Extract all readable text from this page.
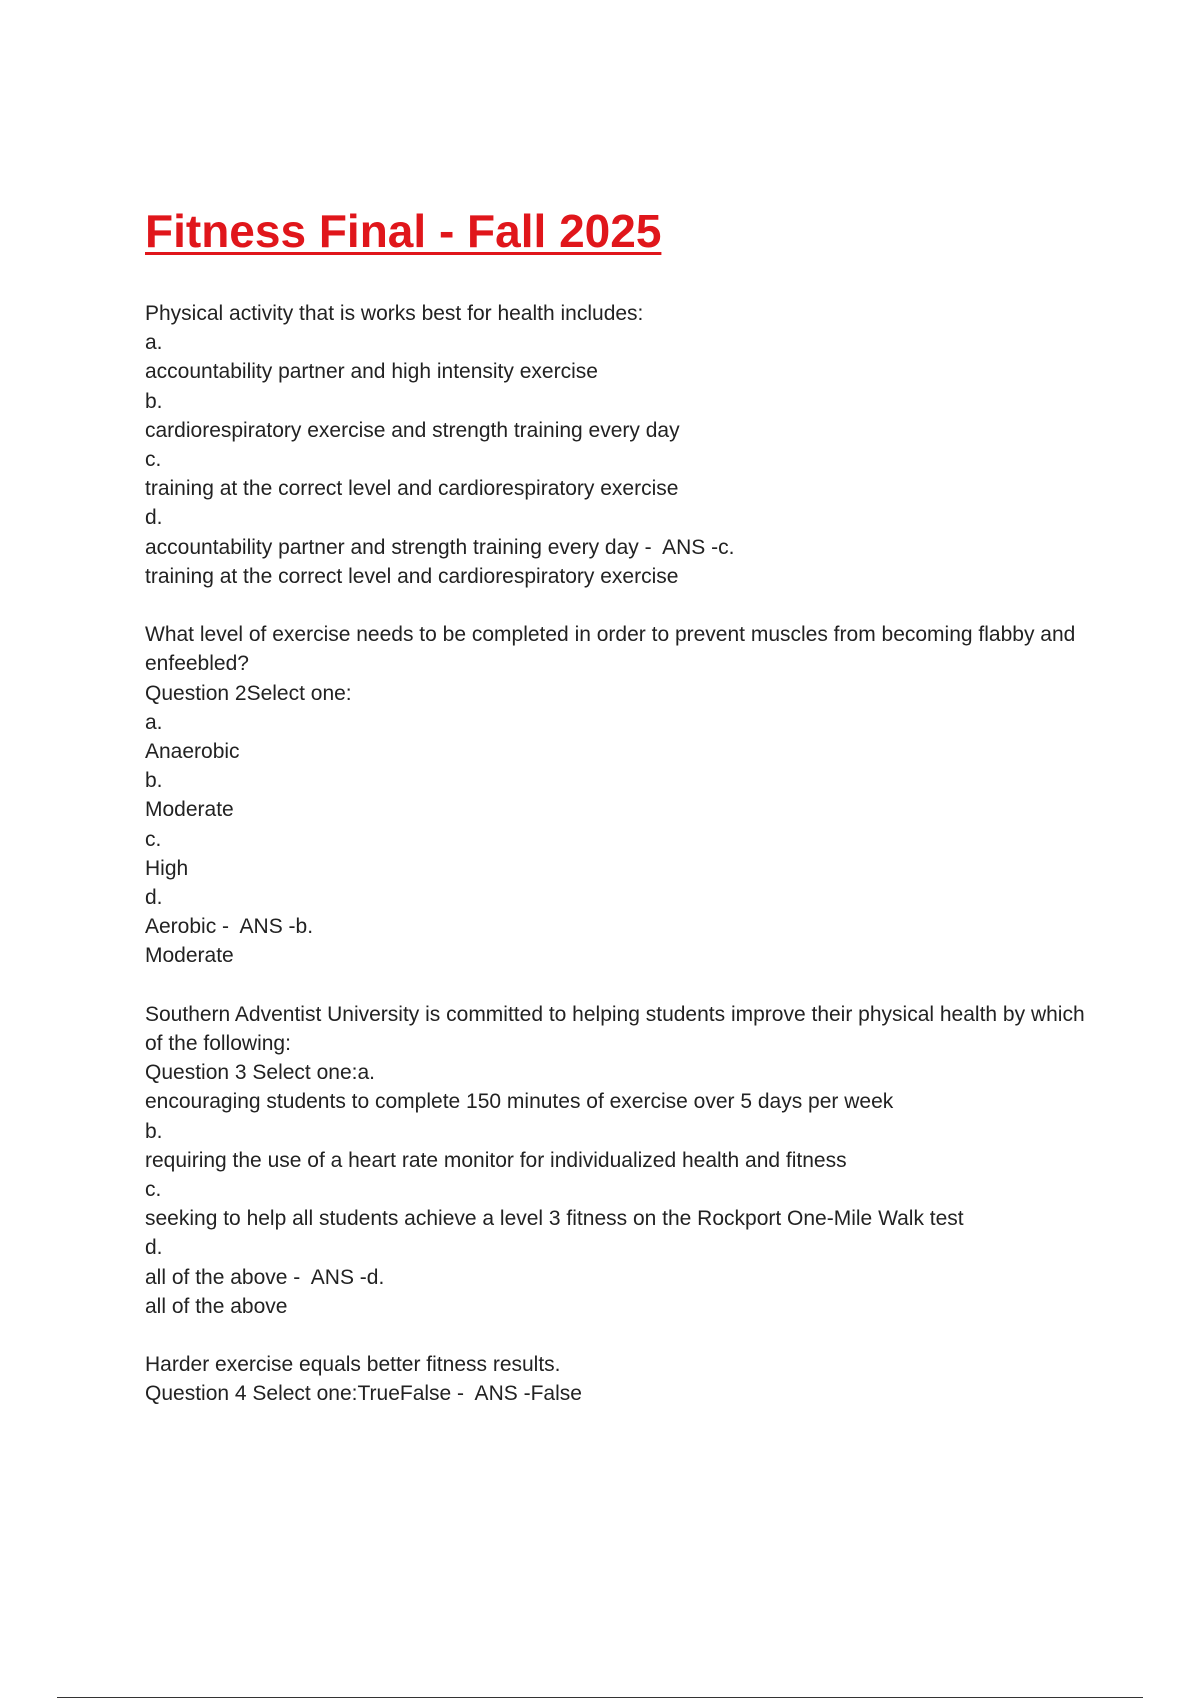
Fitness Final - Fall 2025
Physical activity that is works best for health includes:
a.
accountability partner and high intensity exercise
b.
cardiorespiratory exercise and strength training every day
c.
training at the correct level and cardiorespiratory exercise
d.
accountability partner and strength training every day -  ANS -c.
training at the correct level and cardiorespiratory exercise
What level of exercise needs to be completed in order to prevent muscles from becoming flabby and enfeebled?
Question 2Select one:
a.
Anaerobic
b.
Moderate
c.
High
d.
Aerobic -  ANS -b.
Moderate
Southern Adventist University is committed to helping students improve their physical health by which of the following:
Question 3 Select one:a.
encouraging students to complete 150 minutes of exercise over 5 days per week
b.
requiring the use of a heart rate monitor for individualized health and fitness
c.
seeking to help all students achieve a level 3 fitness on the Rockport One-Mile Walk test
d.
all of the above -  ANS -d.
all of the above
Harder exercise equals better fitness results.
Question 4 Select one:TrueFalse -  ANS -False
